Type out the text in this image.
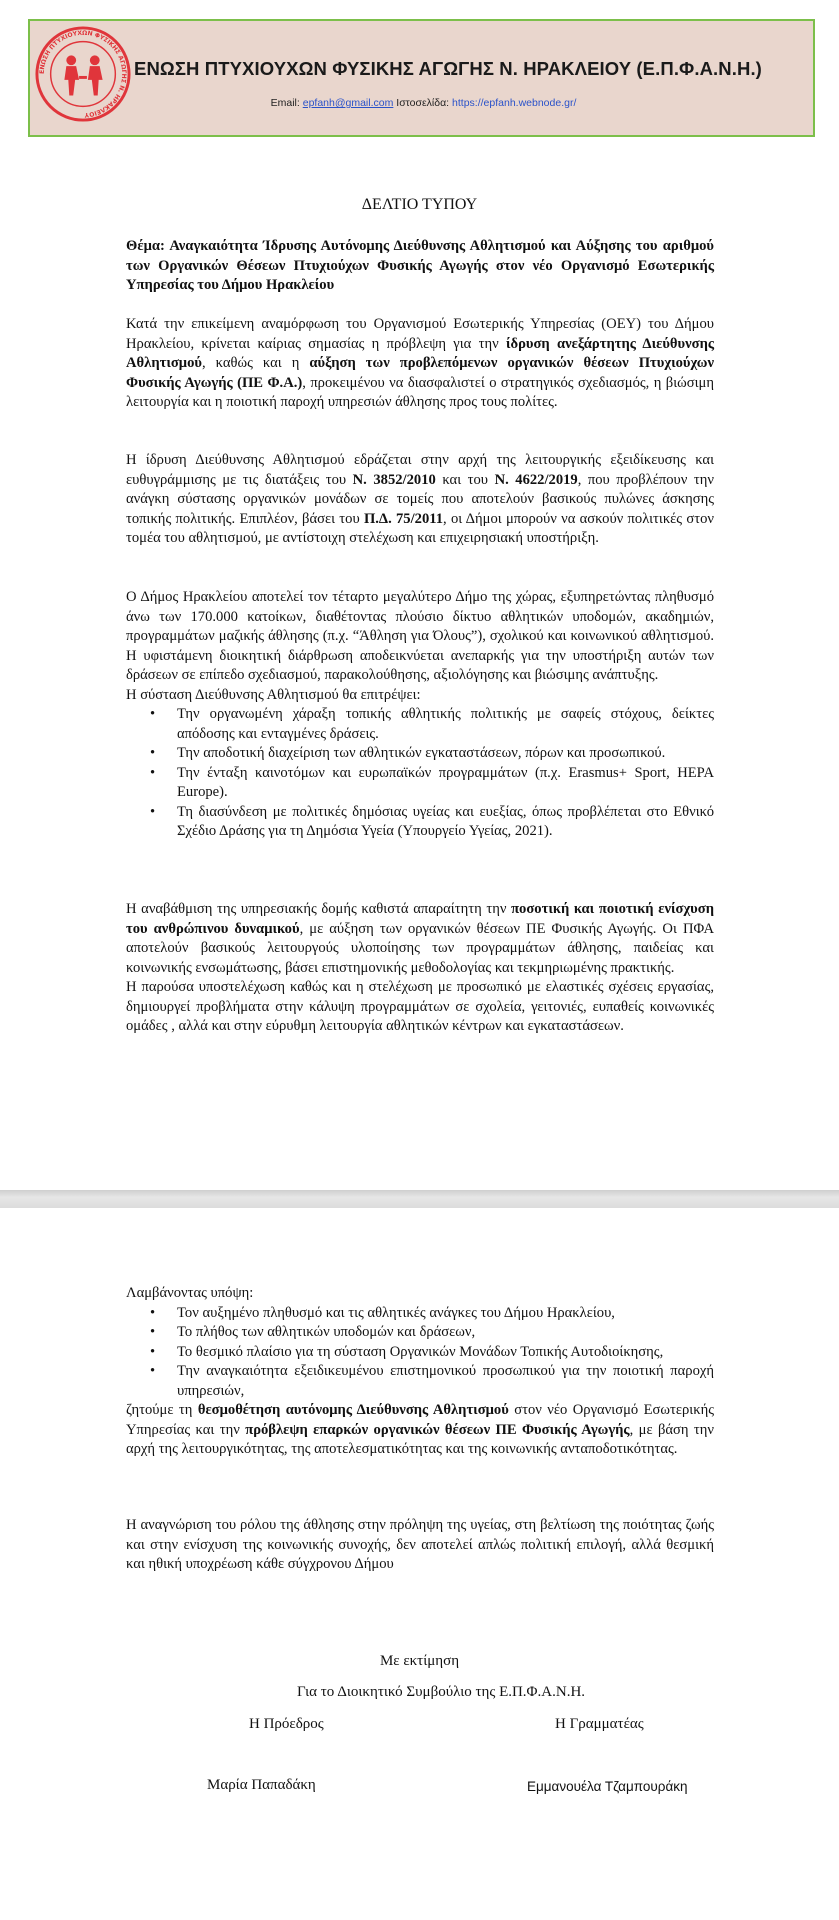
ΕΝΩΣΗ ΠΤΥΧΙΟΥΧΩΝ ΦΥΣΙΚΗΣ ΑΓΩΓΗΣ Ν. ΗΡΑΚΛΕΙΟΥ
ΕΝΩΣΗ ΠΤΥΧΙΟΥΧΩΝ ΦΥΣΙΚΗΣ ΑΓΩΓΗΣ Ν. ΗΡΑΚΛΕΙΟΥ (Ε.Π.Φ.Α.Ν.Η.)
Email: epfanh@gmail.com Ιστοσελίδα: https://epfanh.webnode.gr/
ΔΕΛΤΙΟ ΤΥΠΟΥ
Θέμα: Αναγκαιότητα Ίδρυσης Αυτόνομης Διεύθυνσης Αθλητισμού και Αύξησης του αριθμού των Οργανικών Θέσεων Πτυχιούχων Φυσικής Αγωγής στον νέο Οργανισμό Εσωτερικής Υπηρεσίας του Δήμου Ηρακλείου

Κατά την επικείμενη αναμόρφωση του Οργανισμού Εσωτερικής Υπηρεσίας (ΟΕΥ) του Δήμου Ηρακλείου, κρίνεται καίριας σημασίας η πρόβλεψη για την ίδρυση ανεξάρτητης Διεύθυνσης Αθλητισμού, καθώς και η αύξηση των προβλεπόμενων οργανικών θέσεων Πτυχιούχων Φυσικής Αγωγής (ΠΕ Φ.Α.), προκειμένου να διασφαλιστεί ο στρατηγικός σχεδιασμός, η βιώσιμη λειτουργία και η ποιοτική παροχή υπηρεσιών άθλησης προς τους πολίτες.

Η ίδρυση Διεύθυνσης Αθλητισμού εδράζεται στην αρχή της λειτουργικής εξειδίκευσης και ευθυγράμμισης με τις διατάξεις του Ν. 3852/2010 και του Ν. 4622/2019, που προβλέπουν την ανάγκη σύστασης οργανικών μονάδων σε τομείς που αποτελούν βασικούς πυλώνες άσκησης τοπικής πολιτικής. Επιπλέον, βάσει του Π.Δ. 75/2011, οι Δήμοι μπορούν να ασκούν πολιτικές στον τομέα του αθλητισμού, με αντίστοιχη στελέχωση και επιχειρησιακή υποστήριξη.

Ο Δήμος Ηρακλείου αποτελεί τον τέταρτο μεγαλύτερο Δήμο της χώρας, εξυπηρετώντας πληθυσμό άνω των 170.000 κατοίκων, διαθέτοντας πλούσιο δίκτυο αθλητικών υποδομών, ακαδημιών, προγραμμάτων μαζικής άθλησης (π.χ. “Άθληση για Όλους”), σχολικού και κοινωνικού αθλητισμού. Η υφιστάμενη διοικητική διάρθρωση αποδεικνύεται ανεπαρκής για την υποστήριξη αυτών των δράσεων σε επίπεδο σχεδιασμού, παρακολούθησης, αξιολόγησης και βιώσιμης ανάπτυξης.

Η σύσταση Διεύθυνσης Αθλητισμού θα επιτρέψει:

• Την οργανωμένη χάραξη τοπικής αθλητικής πολιτικής με σαφείς στόχους, δείκτες απόδοσης και ενταγμένες δράσεις.
• Την αποδοτική διαχείριση των αθλητικών εγκαταστάσεων, πόρων και προσωπικού.
• Την ένταξη καινοτόμων και ευρωπαϊκών προγραμμάτων (π.χ. Erasmus+ Sport, HEPA Europe).
• Τη διασύνδεση με πολιτικές δημόσιας υγείας και ευεξίας, όπως προβλέπεται στο Εθνικό Σχέδιο Δράσης για τη Δημόσια Υγεία (Υπουργείο Υγείας, 2021).

Η αναβάθμιση της υπηρεσιακής δομής καθιστά απαραίτητη την ποσοτική και ποιοτική ενίσχυση του ανθρώπινου δυναμικού, με αύξηση των οργανικών θέσεων ΠΕ Φυσικής Αγωγής. Οι ΠΦΑ αποτελούν βασικούς λειτουργούς υλοποίησης των προγραμμάτων άθλησης, παιδείας και κοινωνικής ενσωμάτωσης, βάσει επιστημονικής μεθοδολογίας και τεκμηριωμένης πρακτικής.

Η παρούσα υποστελέχωση καθώς και η στελέχωση με προσωπικό με ελαστικές σχέσεις εργασίας, δημιουργεί προβλήματα στην κάλυψη προγραμμάτων σε σχολεία, γειτονιές, ευπαθείς κοινωνικές ομάδες , αλλά και στην εύρυθμη λειτουργία αθλητικών κέντρων και εγκαταστάσεων.

Λαμβάνοντας υπόψη:

• Τον αυξημένο πληθυσμό και τις αθλητικές ανάγκες του Δήμου Ηρακλείου,
• Το πλήθος των αθλητικών υποδομών και δράσεων,
• Το θεσμικό πλαίσιο για τη σύσταση Οργανικών Μονάδων Τοπικής Αυτοδιοίκησης,
• Την αναγκαιότητα εξειδικευμένου επιστημονικού προσωπικού για την ποιοτική παροχή υπηρεσιών,

ζητούμε τη θεσμοθέτηση αυτόνομης Διεύθυνσης Αθλητισμού στον νέο Οργανισμό Εσωτερικής Υπηρεσίας και την πρόβλεψη επαρκών οργανικών θέσεων ΠΕ Φυσικής Αγωγής, με βάση την αρχή της λειτουργικότητας, της αποτελεσματικότητας και της κοινωνικής ανταποδοτικότητας.

Η αναγνώριση του ρόλου της άθλησης στην πρόληψη της υγείας, στη βελτίωση της ποιότητας ζωής και στην ενίσχυση της κοινωνικής συνοχής, δεν αποτελεί απλώς πολιτική επιλογή, αλλά θεσμική και ηθική υποχρέωση κάθε σύγχρονου Δήμου

Με εκτίμηση
Για το Διοικητικό Συμβούλιο της Ε.Π.Φ.Α.Ν.Η.
Η Πρόεδρος	Η Γραμματέας
Μαρία Παπαδάκη	Εμμανουέλα Τζαμπουράκη
